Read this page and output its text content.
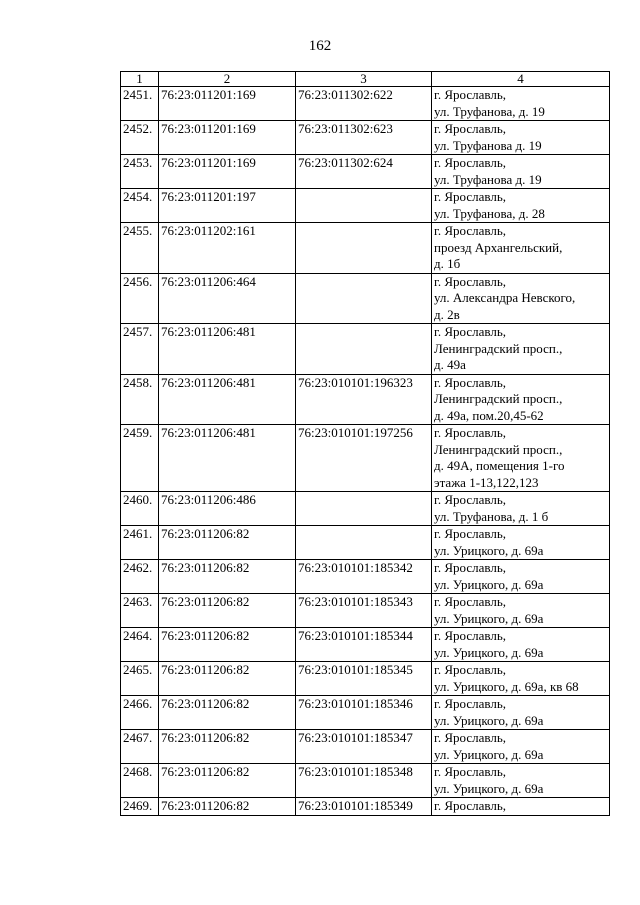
162
1	2	3	4
2451.	76:23:011201:169	76:23:011302:622	г. Ярославль,
ул. Труфанова, д. 19

2452.	76:23:011201:169	76:23:011302:623	г. Ярославль,
ул. Труфанова д. 19

2453.	76:23:011201:169	76:23:011302:624	г. Ярославль,
ул. Труфанова д. 19

2454.	76:23:011201:197		г. Ярославль,
ул. Труфанова, д. 28

2455.	76:23:011202:161		г. Ярославль,
проезд Архангельский,
д. 1б

2456.	76:23:011206:464		г. Ярославль,
ул. Александра Невского,
д. 2в

2457.	76:23:011206:481		г. Ярославль,
Ленинградский просп.,
д. 49а

2458.	76:23:011206:481	76:23:010101:196323	г. Ярославль,
Ленинградский просп.,
д. 49а, пом.20,45-62

2459.	76:23:011206:481	76:23:010101:197256	г. Ярославль,
Ленинградский просп.,
д. 49А, помещения 1-го
этажа 1-13,122,123

2460.	76:23:011206:486		г. Ярославль,
ул. Труфанова, д. 1 б

2461.	76:23:011206:82		г. Ярославль,
ул. Урицкого, д. 69а

2462.	76:23:011206:82	76:23:010101:185342	г. Ярославль,
ул. Урицкого, д. 69а

2463.	76:23:011206:82	76:23:010101:185343	г. Ярославль,
ул. Урицкого, д. 69а

2464.	76:23:011206:82	76:23:010101:185344	г. Ярославль,
ул. Урицкого, д. 69а

2465.	76:23:011206:82	76:23:010101:185345	г. Ярославль,
ул. Урицкого, д. 69а, кв 68

2466.	76:23:011206:82	76:23:010101:185346	г. Ярославль,
ул. Урицкого, д. 69а

2467.	76:23:011206:82	76:23:010101:185347	г. Ярославль,
ул. Урицкого, д. 69а

2468.	76:23:011206:82	76:23:010101:185348	г. Ярославль,
ул. Урицкого, д. 69а

2469.	76:23:011206:82	76:23:010101:185349	г. Ярославль,
